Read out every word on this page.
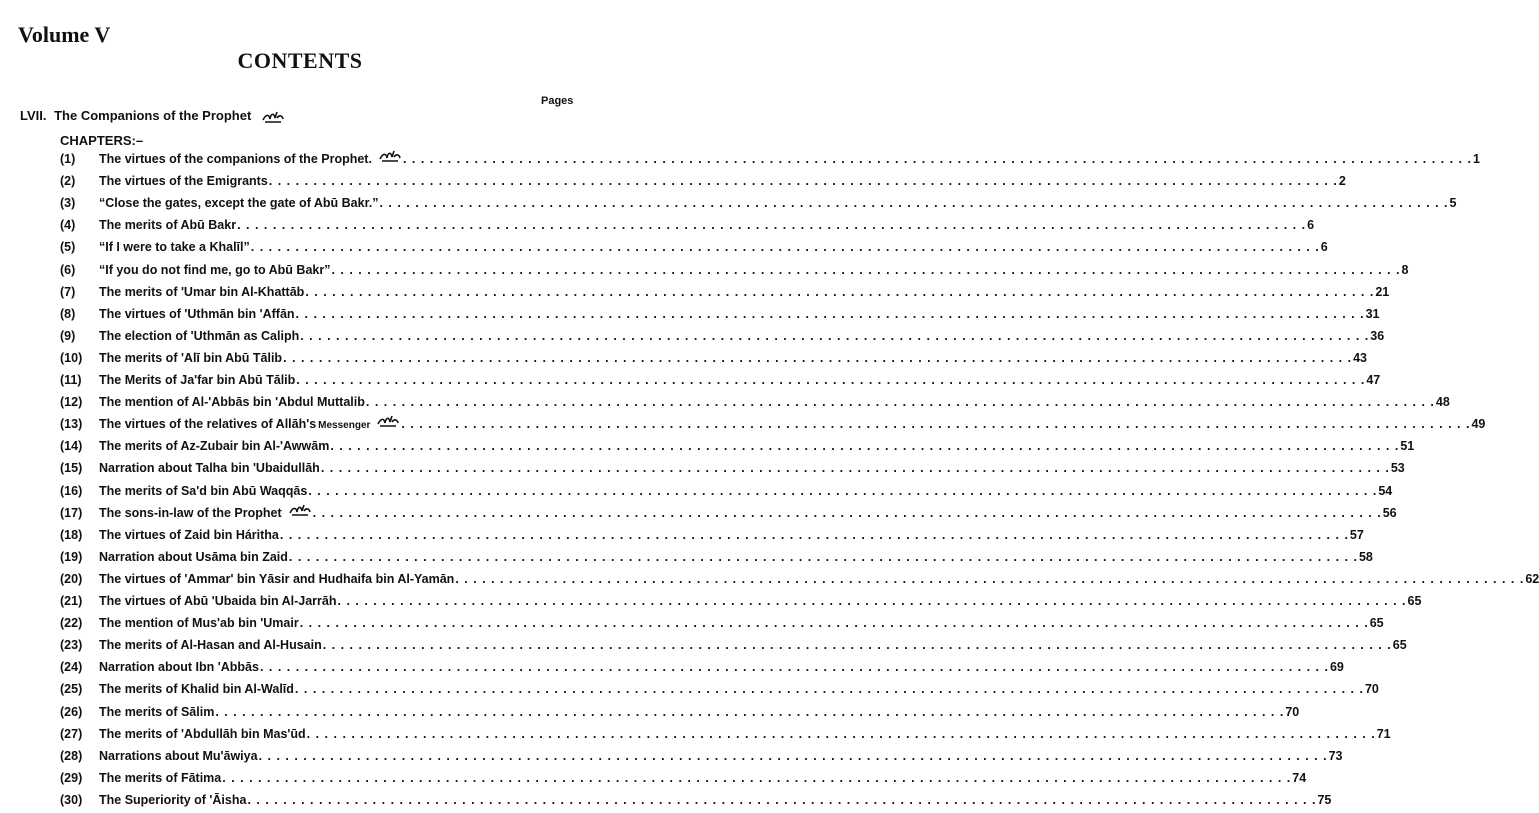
Volume V
CONTENTS
Pages
LVII. The Companions of the Prophet
CHAPTERS:–
(1) The virtues of the companions of the Prophet. . . . . . . . . . . . . . . . . . . . . . . . . . . . . . . . . . . . . . . . . . . . . . . . . . . . . . . . . . . . . . . . . . . . . . . . . . . . . . . . . . . . . . . . . . . . . . . . . . . . . . . . . . . . . . . . . . . . . . . . . 1
(2) The virtues of the Emigrants . . . . . . . . . . . . . . . . . . . . . . . . . . . . . . . . . . . . . . . . . . . . . . . . . . . . . . . . . . . . . . . . . . . . . . . . . . . . . . . . . . . . . . . . . . . . . . . . . . . . . . . . . . . . . . . . . . . . . . . . 2
(3) “Close the gates, except the gate of Abū Bakr.” . . . . . . . . . . . . . . . . . . . . . . . . . . . . . . . . . . . . . . . . . . . . . . . . . . . . . . . . . . . . . . . . . . . . . . . . . . . . . . . . . . . . . . . . . . . . . . . . . . . . . . . . . . . . . . . . . . . . . . . . 5
(4) The merits of Abū Bakr . . . . . . . . . . . . . . . . . . . . . . . . . . . . . . . . . . . . . . . . . . . . . . . . . . . . . . . . . . . . . . . . . . . . . . . . . . . . . . . . . . . . . . . . . . . . . . . . . . . . . . . . . . . . . . . . . . . . . . . . 6
(5) “If I were to take a Khalīl” . . . . . . . . . . . . . . . . . . . . . . . . . . . . . . . . . . . . . . . . . . . . . . . . . . . . . . . . . . . . . . . . . . . . . . . . . . . . . . . . . . . . . . . . . . . . . . . . . . . . . . . . . . . . . . . . . . . . . . . . 6
(6) “If you do not find me, go to Abū Bakr” . . . . . . . . . . . . . . . . . . . . . . . . . . . . . . . . . . . . . . . . . . . . . . . . . . . . . . . . . . . . . . . . . . . . . . . . . . . . . . . . . . . . . . . . . . . . . . . . . . . . . . . . . . . . . . . . . . . . . . . . 8
(7) The merits of 'Umar bin Al-Khattāb . . . . . . . . . . . . . . . . . . . . . . . . . . . . . . . . . . . . . . . . . . . . . . . . . . . . . . . . . . . . . . . . . . . . . . . . . . . . . . . . . . . . . . . . . . . . . . . . . . . . . . . . . . . . . . . . . . . . . . . . 21
(8) The virtues of 'Uthmān bin 'Affān . . . . . . . . . . . . . . . . . . . . . . . . . . . . . . . . . . . . . . . . . . . . . . . . . . . . . . . . . . . . . . . . . . . . . . . . . . . . . . . . . . . . . . . . . . . . . . . . . . . . . . . . . . . . . . . . . . . . . . . . 31
(9) The election of 'Uthmān as Caliph . . . . . . . . . . . . . . . . . . . . . . . . . . . . . . . . . . . . . . . . . . . . . . . . . . . . . . . . . . . . . . . . . . . . . . . . . . . . . . . . . . . . . . . . . . . . . . . . . . . . . . . . . . . . . . . . . . . . . . . . 36
(10) The merits of 'Alī bin Abū Tālib . . . . . . . . . . . . . . . . . . . . . . . . . . . . . . . . . . . . . . . . . . . . . . . . . . . . . . . . . . . . . . . . . . . . . . . . . . . . . . . . . . . . . . . . . . . . . . . . . . . . . . . . . . . . . . . . . . . . . . . . 43
(11) The Merits of Ja'far bin Abū Tālib . . . . . . . . . . . . . . . . . . . . . . . . . . . . . . . . . . . . . . . . . . . . . . . . . . . . . . . . . . . . . . . . . . . . . . . . . . . . . . . . . . . . . . . . . . . . . . . . . . . . . . . . . . . . . . . . . . . . . . . . 47
(12) The mention of Al-'Abbās bin 'Abdul Muttalib . . . . . . . . . . . . . . . . . . . . . . . . . . . . . . . . . . . . . . . . . . . . . . . . . . . . . . . . . . . . . . . . . . . . . . . . . . . . . . . . . . . . . . . . . . . . . . . . . . . . . . . . . . . . . . . . . . . . . . . . 48
(13) The virtues of the relatives of Allāh's Messenger . . . . . . . . . . . . . . . . . . . . . . . . . . . . . . . . . . . . . . . . . . . . . . . . . . . . . . . . . . . . . . . . . . . . . . . . . . . . . . . . . . . . . . . . . . . . . . . . . . . . . . . . . . . . . . . . . . . . . . . . 49
(14) The merits of Az-Zubair bin Al-'Awwām . . . . . . . . . . . . . . . . . . . . . . . . . . . . . . . . . . . . . . . . . . . . . . . . . . . . . . . . . . . . . . . . . . . . . . . . . . . . . . . . . . . . . . . . . . . . . . . . . . . . . . . . . . . . . . . . . . . . . . . . 51
(15) Narration about Talha bin 'Ubaidullāh . . . . . . . . . . . . . . . . . . . . . . . . . . . . . . . . . . . . . . . . . . . . . . . . . . . . . . . . . . . . . . . . . . . . . . . . . . . . . . . . . . . . . . . . . . . . . . . . . . . . . . . . . . . . . . . . . . . . . . . . 53
(16) The merits of Sa'd bin Abū Waqqās . . . . . . . . . . . . . . . . . . . . . . . . . . . . . . . . . . . . . . . . . . . . . . . . . . . . . . . . . . . . . . . . . . . . . . . . . . . . . . . . . . . . . . . . . . . . . . . . . . . . . . . . . . . . . . . . . . . . . . . . 54
(17) The sons-in-law of the Prophet . . . . . . . . . . . . . . . . . . . . . . . . . . . . . . . . . . . . . . . . . . . . . . . . . . . . . . . . . . . . . . . . . . . . . . . . . . . . . . . . . . . . . . . . . . . . . . . . . . . . . . . . . . . . . . . . . . . . . . . . 56
(18) The virtues of Zaid bin Háritha . . . . . . . . . . . . . . . . . . . . . . . . . . . . . . . . . . . . . . . . . . . . . . . . . . . . . . . . . . . . . . . . . . . . . . . . . . . . . . . . . . . . . . . . . . . . . . . . . . . . . . . . . . . . . . . . . . . . . . . . 57
(19) Narration about Usāma bin Zaid . . . . . . . . . . . . . . . . . . . . . . . . . . . . . . . . . . . . . . . . . . . . . . . . . . . . . . . . . . . . . . . . . . . . . . . . . . . . . . . . . . . . . . . . . . . . . . . . . . . . . . . . . . . . . . . . . . . . . . . . 58
(20) The virtues of 'Ammar' bin Yāsir and Hudhaifa bin Al-Yamān . . . . . . . . . . . . . . . . . . . . . . . . . . . . . . . . . . . . . . . . . . . . . . . . . . . . . . . . . . . . . . . . . . . . . . . . . . . . . . . . . . . . . . . . . . . . . . . . . . . . . . . . . . . . . . . . . . . . . . . . 62
(21) The virtues of Abū 'Ubaida bin Al-Jarrāh . . . . . . . . . . . . . . . . . . . . . . . . . . . . . . . . . . . . . . . . . . . . . . . . . . . . . . . . . . . . . . . . . . . . . . . . . . . . . . . . . . . . . . . . . . . . . . . . . . . . . . . . . . . . . . . . . . . . . . . . 65
(22) The mention of Mus'ab bin 'Umair . . . . . . . . . . . . . . . . . . . . . . . . . . . . . . . . . . . . . . . . . . . . . . . . . . . . . . . . . . . . . . . . . . . . . . . . . . . . . . . . . . . . . . . . . . . . . . . . . . . . . . . . . . . . . . . . . . . . . . . . 65
(23) The merits of Al-Hasan and Al-Husain . . . . . . . . . . . . . . . . . . . . . . . . . . . . . . . . . . . . . . . . . . . . . . . . . . . . . . . . . . . . . . . . . . . . . . . . . . . . . . . . . . . . . . . . . . . . . . . . . . . . . . . . . . . . . . . . . . . . . . . . 65
(24) Narration about Ibn 'Abbās . . . . . . . . . . . . . . . . . . . . . . . . . . . . . . . . . . . . . . . . . . . . . . . . . . . . . . . . . . . . . . . . . . . . . . . . . . . . . . . . . . . . . . . . . . . . . . . . . . . . . . . . . . . . . . . . . . . . . . . . 69
(25) The merits of Khalid bin Al-Walīd . . . . . . . . . . . . . . . . . . . . . . . . . . . . . . . . . . . . . . . . . . . . . . . . . . . . . . . . . . . . . . . . . . . . . . . . . . . . . . . . . . . . . . . . . . . . . . . . . . . . . . . . . . . . . . . . . . . . . . . . 70
(26) The merits of Sālim . . . . . . . . . . . . . . . . . . . . . . . . . . . . . . . . . . . . . . . . . . . . . . . . . . . . . . . . . . . . . . . . . . . . . . . . . . . . . . . . . . . . . . . . . . . . . . . . . . . . . . . . . . . . . . . . . . . . . . . . 70
(27) The merits of 'Abdullāh bin Mas'ūd . . . . . . . . . . . . . . . . . . . . . . . . . . . . . . . . . . . . . . . . . . . . . . . . . . . . . . . . . . . . . . . . . . . . . . . . . . . . . . . . . . . . . . . . . . . . . . . . . . . . . . . . . . . . . . . . . . . . . . . . 71
(28) Narrations about Mu'āwiya . . . . . . . . . . . . . . . . . . . . . . . . . . . . . . . . . . . . . . . . . . . . . . . . . . . . . . . . . . . . . . . . . . . . . . . . . . . . . . . . . . . . . . . . . . . . . . . . . . . . . . . . . . . . . . . . . . . . . . . . 73
(29) The merits of Fātima . . . . . . . . . . . . . . . . . . . . . . . . . . . . . . . . . . . . . . . . . . . . . . . . . . . . . . . . . . . . . . . . . . . . . . . . . . . . . . . . . . . . . . . . . . . . . . . . . . . . . . . . . . . . . . . . . . . . . . . . 74
(30) The Superiority of 'Āisha . . . . . . . . . . . . . . . . . . . . . . . . . . . . . . . . . . . . . . . . . . . . . . . . . . . . . . . . . . . . . . . . . . . . . . . . . . . . . . . . . . . . . . . . . . . . . . . . . . . . . . . . . . . . . . . . . . . . . . . . 75
